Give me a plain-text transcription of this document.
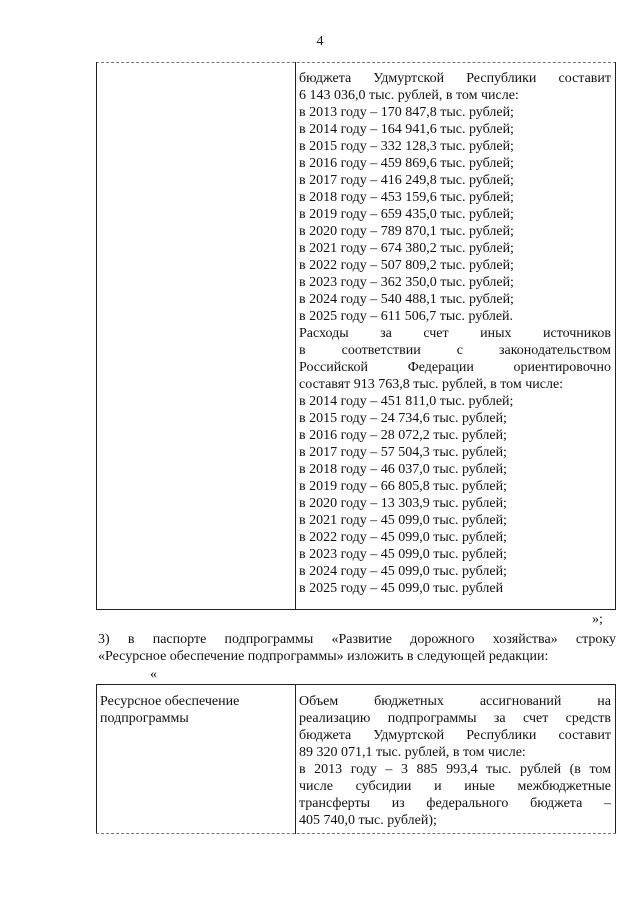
4
бюджета Удмуртской Республики составит
6 143 036,0 тыс. рублей, в том числе:
в 2013 году – 170 847,8 тыс. рублей;
в 2014 году – 164 941,6 тыс. рублей;
в 2015 году – 332 128,3 тыс. рублей;
в 2016 году – 459 869,6 тыс. рублей;
в 2017 году – 416 249,8 тыс. рублей;
в 2018 году – 453 159,6 тыс. рублей;
в 2019 году – 659 435,0 тыс. рублей;
в 2020 году – 789 870,1 тыс. рублей;
в 2021 году – 674 380,2 тыс. рублей;
в 2022 году – 507 809,2 тыс. рублей;
в 2023 году – 362 350,0 тыс. рублей;
в 2024 году – 540 488,1 тыс. рублей;
в 2025 году – 611 506,7 тыс. рублей.
Расходы за счет иных источников
в соответствии с законодательством
Российской Федерации ориентировочно
составят 913 763,8 тыс. рублей, в том числе:
в 2014 году – 451 811,0 тыс. рублей;
в 2015 году – 24 734,6 тыс. рублей;
в 2016 году – 28 072,2 тыс. рублей;
в 2017 году – 57 504,3 тыс. рублей;
в 2018 году – 46 037,0 тыс. рублей;
в 2019 году – 66 805,8 тыс. рублей;
в 2020 году – 13 303,9 тыс. рублей;
в 2021 году – 45 099,0 тыс. рублей;
в 2022 году – 45 099,0 тыс. рублей;
в 2023 году – 45 099,0 тыс. рублей;
в 2024 году – 45 099,0 тыс. рублей;
в 2025 году – 45 099,0 тыс. рублей
»;
3) в паспорте подпрограммы «Развитие дорожного хозяйства» строку
«Ресурсное обеспечение подпрограммы» изложить в следующей редакции:
«
Ресурсное обеспечение
подпрограммы
Объем бюджетных ассигнований на
реализацию подпрограммы за счет средств
бюджета Удмуртской Республики составит
89 320 071,1 тыс. рублей, в том числе:
в 2013 году – 3 885 993,4 тыс. рублей (в том
числе субсидии и иные межбюджетные
трансферты из федерального бюджета –
405 740,0 тыс. рублей);
